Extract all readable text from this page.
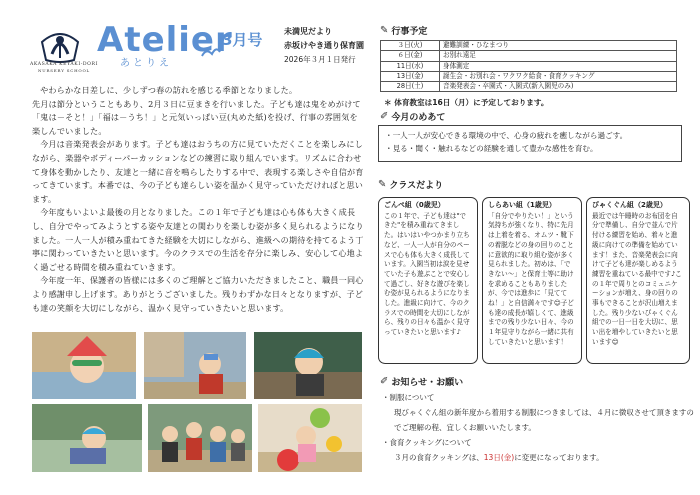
AKASAKA KEYAKI-DORI
NURSERY SCHOOL
Atelier
3月号
あとりえ
未満児だより
赤坂けやき通り保育園
2026年３月１日発行

やわらかな日差しに、少しずつ春の訪れを感じる季節となりました。

先月は節分ということもあり、2月３日に豆まきを行いました。子ども達は鬼をめがけて「鬼は－そと！」「福は－うち！」と元気いっぱい豆(丸めた紙)を投げ、行事の雰囲気を楽しんでいました。

今月は音楽発表会があります。子ども達はおうちの方に見ていただくことを楽しみにしながら、楽器やボディーパーカッションなどの練習に取り組んでいます。リズムに合わせて身体を動かしたり、友達と一緒に音を鳴らしたりする中で、表現する楽しさや自信が育ってきています。本番では、今の子ども達らしい姿を温かく見守っていただければと思います。

今年度もいよいよ最後の月となりました。この１年で子ども達は心も体も大きく成長し、自分でやってみようとする姿や友達との関わりを楽しむ姿が多く見られるようになりました。一人一人が積み重ねてきた経験を大切にしながら、進級への期待を持てるよう丁寧に関わっていきたいと思います。今のクラスでの生活を存分に楽しみ、安心して心地よく過ごせる時間を積み重ねていきます。

今年度一年、保護者の皆様には多くのご理解とご協力いただきましたこと、職員一同心より感謝申し上げます。ありがとうございました。残りわずかな日々となりますが、子ども達の笑顔を大切にしながら、温かく見守っていきたいと思います。

✎ 行事予定
３日(火)	避難訓練・ひなまつり
６日(金)	お別れ遠足
11日(水)	身体測定
13日(金)	誕生会・お別れ会・ワクワク給食・食育クッキング
28日(土)	音楽発表会・卒園式・入園式(新入園児のみ)
＊ 体育教室は16日（月）に予定しております。
✐ 今月のめあて
・一人一人が安心できる環境の中で、心身の疲れを癒しながら過ごす。
・見る・聞く・触れるなどの経験を通して豊かな感性を育む。
✎ クラスだより
ごんぺ組（0歳児）
この１年で、子ども達は"できた"を積み重ねてきました。はいはいやつかまり立ちなど、一人一人が自分のペースで心も体も大きく成長しています。入園当初は涙を見せていた子も遊ぶことで安心して過ごし、好きな遊びを楽しむ姿が見られるようになりました。進級に向けて、今のクラスでの時間を大切にしながら、残りの日々も温かく見守っていきたいと思います♪
しらあい組（1歳児）
「自分でやりたい！」という気持ちが強くなり、特に先月は上着を着る、オムツ・靴下の着脱などの身の回りのことに意欲的に取り組む姿が多く見られました。初めは、「できない～」と保育士等に助けを求めることもありましたが、今では進歩に「見ててね！」と自信満々です😊子ども達の成長が嬉しくて、進級までの残り少ない日々、今の１年見守りながら一緒に共有していきたいと思います！
びゃくぐん組（2歳児）
最近では午睡時のお布団を自分で準備し、自分で並んで片付ける練習を始め、着々と進級に向けての準備を始めています！また、音楽発表会に向けて子ども達が楽しめるよう練習を重ねている最中です♪この１年で周りとのコミュニケーションが増え、身の回りの事もできることが沢山増えました。残り少ないびゃくぐん組での一日一日を大切に、思い出を増やしていきたいと思います😊
✐ お知らせ・お願い
・制服について
現びゃくぐん組の新年度から着用する制服につきましては、４月に徴収させて頂きますのでご理解の程、宜しくお願いいたします。
・食育クッキングについて
３月の食育クッキングは、13日(金)に変更になっております。
